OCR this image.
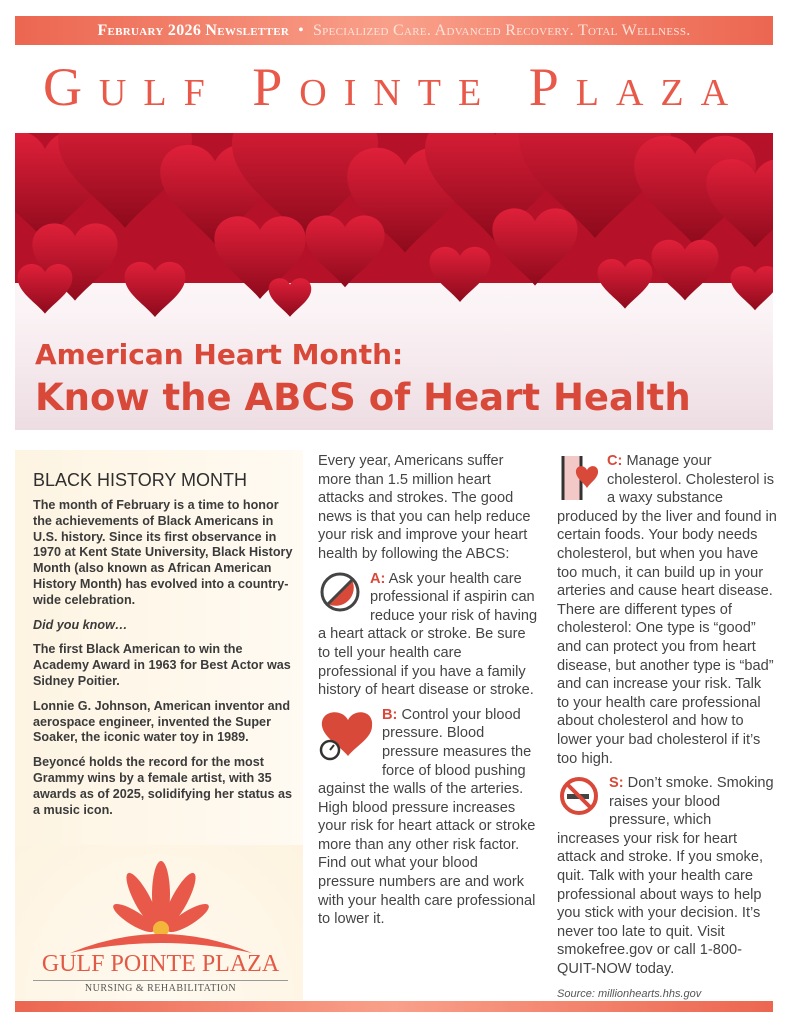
February 2026 Newsletter • Specialized Care. Advanced Recovery. Total Wellness.
Gulf Pointe Plaza
American Heart Month:
Know the ABCS of Heart Health
BLACK HISTORY MONTH

The month of February is a time to honor the achievements of Black Americans in U.S. history. Since its first observance in 1970 at Kent State University, Black History Month (also known as African American History Month) has evolved into a country-wide celebration.

Did you know…

The first Black American to win the Academy Award in 1963 for Best Actor was Sidney Poitier.

Lonnie G. Johnson, American inventor and aerospace engineer, invented the Super Soaker, the iconic water toy in 1989.

Beyoncé holds the record for the most Grammy wins by a female artist, with 35 awards as of 2025, solidifying her status as a music icon.

GULF POINTE PLAZA
NURSING & REHABILITATION

Every year, Americans suffer more than 1.5 million heart attacks and strokes. The good news is that you can help reduce your risk and improve your heart health by following the ABCS:

A: Ask your health care professional if aspirin can reduce your risk of having a heart attack or stroke. Be sure to tell your health care professional if you have a family history of heart disease or stroke.

B: Control your blood pressure. Blood pressure measures the force of blood pushing against the walls of the arteries. High blood pressure increases your risk for heart attack or stroke more than any other risk factor. Find out what your blood pressure numbers are and work with your health care professional to lower it.

C: Manage your cholesterol. Cholesterol is a waxy substance produced by the liver and found in certain foods. Your body needs cholesterol, but when you have too much, it can build up in your arteries and cause heart disease. There are different types of cholesterol: One type is “good” and can protect you from heart disease, but another type is “bad” and can increase your risk. Talk to your health care professional about cholesterol and how to lower your bad cholesterol if it’s too high.

S: Don’t smoke. Smoking raises your blood pressure, which increases your risk for heart attack and stroke. If you smoke, quit. Talk with your health care professional about ways to help you stick with your decision. It’s never too late to quit. Visit smokefree.gov or call 1-800-QUIT-NOW today.

Source: millionhearts.hhs.gov
